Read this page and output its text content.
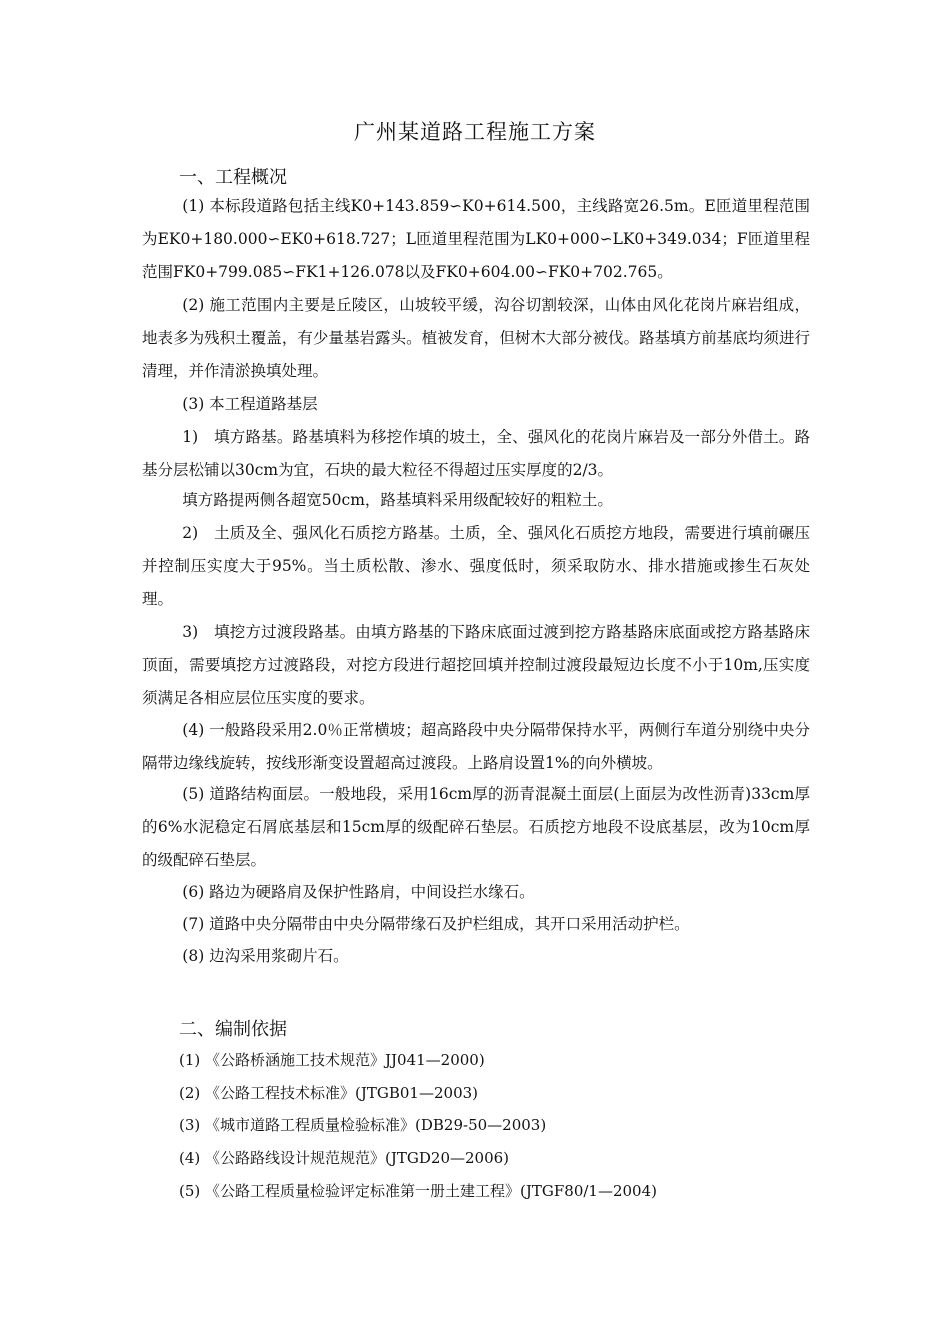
广州某道路工程施工方案
一、工程概况

(1) 本标段道路包括主线K0+143.859∽K0+614.500，主线路宽26.5m。E匝道里程范围为EK0+180.000∽EK0+618.727；L匝道里程范围为LK0+000∽LK0+349.034；F匝道里程范围FK0+799.085∽FK1+126.078以及FK0+604.00∽FK0+702.765。

(2) 施工范围内主要是丘陵区，山坡较平缓，沟谷切割较深，山体由风化花岗片麻岩组成，地表多为残积土覆盖，有少量基岩露头。植被发育，但树木大部分被伐。路基填方前基底均须进行清理，并作清淤换填处理。

(3) 本工程道路基层

1)　填方路基。路基填料为移挖作填的坡土，全、强风化的花岗片麻岩及一部分外借土。路基分层松铺以30cm为宜，石块的最大粒径不得超过压实厚度的2/3。

填方路提两侧各超宽50cm，路基填料采用级配较好的粗粒土。

2)　土质及全、强风化石质挖方路基。土质，全、强风化石质挖方地段，需要进行填前碾压并控制压实度大于95%。当土质松散、渗水、强度低时，须采取防水、排水措施或掺生石灰处理。

3)　填挖方过渡段路基。由填方路基的下路床底面过渡到挖方路基路床底面或挖方路基路床顶面，需要填挖方过渡路段，对挖方段进行超挖回填并控制过渡段最短边长度不小于10m,压实度须满足各相应层位压实度的要求。

(4) 一般路段采用2.0％正常横坡；超高路段中央分隔带保持水平，两侧行车道分别绕中央分隔带边缘线旋转，按线形渐变设置超高过渡段。上路肩设置1%的向外横坡。

(5) 道路结构面层。一般地段，采用16cm厚的沥青混凝土面层(上面层为改性沥青)33cm厚的6%水泥稳定石屑底基层和15cm厚的级配碎石垫层。石质挖方地段不设底基层，改为10cm厚的级配碎石垫层。

(6) 路边为硬路肩及保护性路肩，中间设拦水缘石。

(7) 道路中央分隔带由中央分隔带缘石及护栏组成，其开口采用活动护栏。

(8) 边沟采用浆砌片石。

二、编制依据
(1) 《公路桥涵施工技术规范》JJ041—2000)
(2) 《公路工程技术标准》(JTGB01—2003)
(3) 《城市道路工程质量检验标准》(DB29-50—2003)
(4) 《公路路线设计规范规范》(JTGD20—2006)
(5) 《公路工程质量检验评定标准第一册土建工程》(JTGF80/1—2004)
